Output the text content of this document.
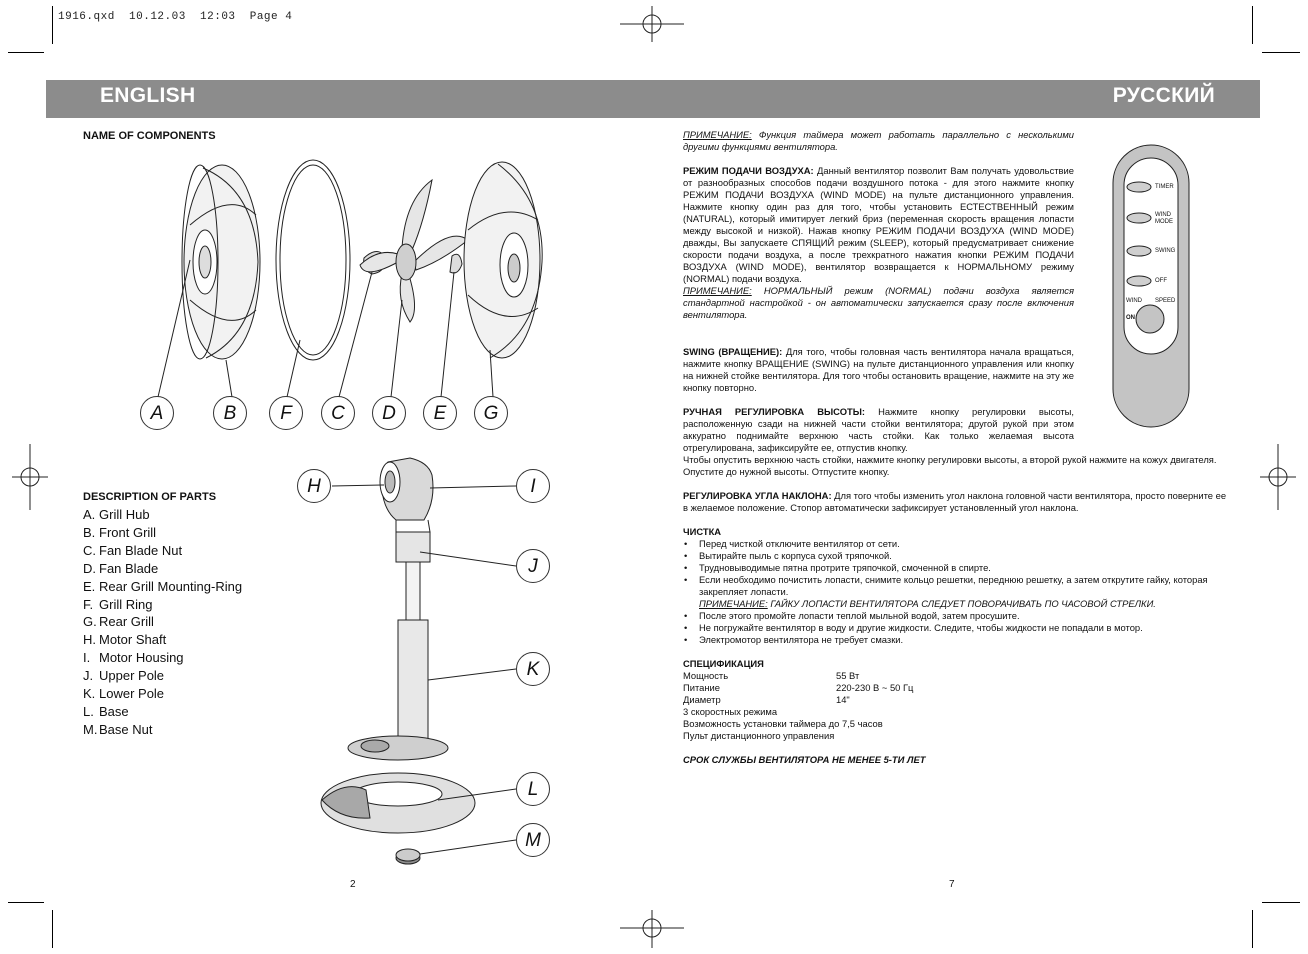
1916.qxd  10.12.03  12:03  Page 4
ENGLISH	РУССКИЙ
NAME OF COMPONENTS
A	B	F	C	D	E	G
DESCRIPTION OF PARTS
A. Grill Hub
B. Front Grill
C. Fan Blade Nut
D. Fan Blade
E. Rear Grill Mounting-Ring
F. Grill Ring
G. Rear Grill
H. Motor Shaft
I. Motor Housing
J. Upper Pole
K. Lower Pole
L. Base
M. Base Nut
H	I
J
K
L
M
2
TIMER
WIND MODE
SWING
OFF
WIND SPEED
ON
ПРИМЕЧАНИЕ: Функция таймера может работать параллельно с несколькими другими функциями вентилятора.

РЕЖИМ ПОДАЧИ ВОЗДУХА: Данный вентилятор позволит Вам получать удовольствие от разнообразных способов подачи воздушного потока - для этого нажмите кнопку РЕЖИМ ПОДАЧИ ВОЗДУХА (WIND MODE) на пульте дистанционного управления. Нажмите кнопку один раз для того, чтобы установить ЕСТЕСТВЕННЫЙ режим (NATURAL), который имитирует легкий бриз (переменная скорость вращения лопасти между высокой и низкой). Нажав кнопку РЕЖИМ ПОДАЧИ ВОЗДУХА (WIND MODE) дважды, Вы запускаете СПЯЩИЙ режим (SLEEP), который предусматривает снижение скорости подачи воздуха, а после трехкратного нажатия кнопки РЕЖИМ ПОДАЧИ ВОЗДУХА (WIND MODE), вентилятор возвращается к НОРМАЛЬНОМУ режиму (NORMAL) подачи воздуха.

ПРИМЕЧАНИЕ: НОРМАЛЬНЫЙ режим (NORMAL) подачи воздуха является стандартной настройкой - он автоматически запускается сразу после включения вентилятора.

SWING (ВРАЩЕНИЕ): Для того, чтобы головная часть вентилятора начала вращаться, нажмите кнопку ВРАЩЕНИЕ (SWING) на пульте дистанционного управления или кнопку на нижней стойке вентилятора. Для того чтобы остановить вращение, нажмите на эту же кнопку повторно.
РУЧНАЯ РЕГУЛИРОВКА ВЫСОТЫ: Нажмите кнопку регулировки высоты, расположенную сзади на нижней части стойки вентилятора; другой рукой при этом аккуратно поднимайте верхнюю часть стойки. Как только желаемая высота отрегулирована, зафиксируйте ее, отпустив кнопку.
Чтобы опустить верхнюю часть стойки, нажмите кнопку регулировки высоты, а второй рукой нажмите на кожух двигателя. Опустите до нужной высоты. Отпустите кнопку.
РЕГУЛИРОВКА УГЛА НАКЛОНА: Для того чтобы изменить угол наклона головной части вентилятора, просто поверните ее в желаемое положение. Стопор автоматически зафиксирует установленный угол наклона.

ЧИСТКА

• Перед чисткой отключите вентилятор от сети.
• Вытирайте пыль с корпуса сухой тряпочкой.
• Трудновыводимые пятна протрите тряпочкой, смоченной в спирте.
• Если необходимо почистить лопасти, снимите кольцо решетки, переднюю решетку, а затем открутите гайку, которая закрепляет лопасти.

ПРИМЕЧАНИЕ: ГАЙКУ ЛОПАСТИ ВЕНТИЛЯТОРА СЛЕДУЕТ ПОВОРАЧИВАТЬ ПО ЧАСОВОЙ СТРЕЛКИ.

• После этого промойте лопасти теплой мыльной водой, затем просушите.
• Не погружайте вентилятор в воду и другие жидкости. Следите, чтобы жидкости не попадали в мотор.
• Электромотор вентилятора не требует смазки.

СПЕЦИФИКАЦИЯ

Мощность	55 Вт
Питание	220-230 В ~ 50 Гц
Диаметр	14"

3 скоростных режима

Возможность установки таймера до 7,5 часов

Пульт дистанционного управления

СРОК СЛУЖБЫ ВЕНТИЛЯТОРА НЕ МЕНЕЕ 5-ТИ ЛЕТ
7
